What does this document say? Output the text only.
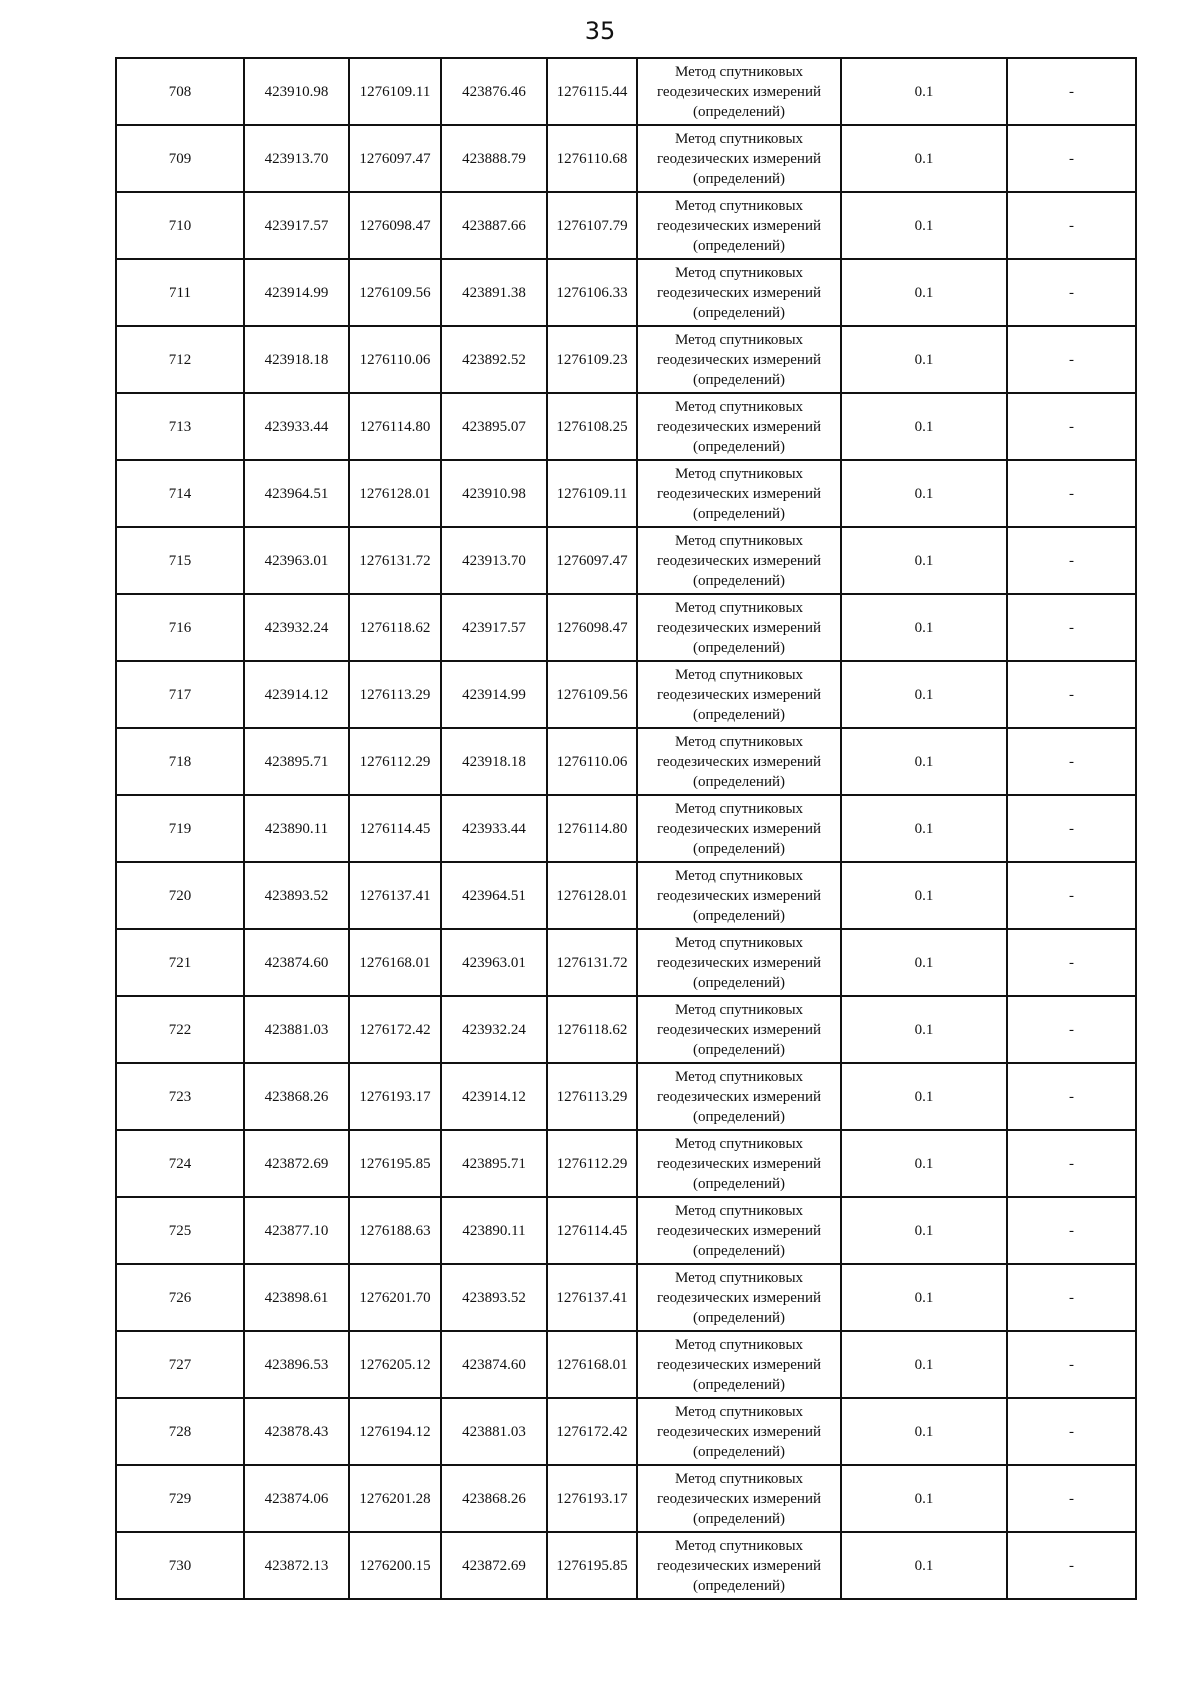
35
708	423910.98	1276109.11	423876.46	1276115.44	Метод спутниковых
геодезических измерений
(определений)	0.1	-
709	423913.70	1276097.47	423888.79	1276110.68	Метод спутниковых
геодезических измерений
(определений)	0.1	-
710	423917.57	1276098.47	423887.66	1276107.79	Метод спутниковых
геодезических измерений
(определений)	0.1	-
711	423914.99	1276109.56	423891.38	1276106.33	Метод спутниковых
геодезических измерений
(определений)	0.1	-
712	423918.18	1276110.06	423892.52	1276109.23	Метод спутниковых
геодезических измерений
(определений)	0.1	-
713	423933.44	1276114.80	423895.07	1276108.25	Метод спутниковых
геодезических измерений
(определений)	0.1	-
714	423964.51	1276128.01	423910.98	1276109.11	Метод спутниковых
геодезических измерений
(определений)	0.1	-
715	423963.01	1276131.72	423913.70	1276097.47	Метод спутниковых
геодезических измерений
(определений)	0.1	-
716	423932.24	1276118.62	423917.57	1276098.47	Метод спутниковых
геодезических измерений
(определений)	0.1	-
717	423914.12	1276113.29	423914.99	1276109.56	Метод спутниковых
геодезических измерений
(определений)	0.1	-
718	423895.71	1276112.29	423918.18	1276110.06	Метод спутниковых
геодезических измерений
(определений)	0.1	-
719	423890.11	1276114.45	423933.44	1276114.80	Метод спутниковых
геодезических измерений
(определений)	0.1	-
720	423893.52	1276137.41	423964.51	1276128.01	Метод спутниковых
геодезических измерений
(определений)	0.1	-
721	423874.60	1276168.01	423963.01	1276131.72	Метод спутниковых
геодезических измерений
(определений)	0.1	-
722	423881.03	1276172.42	423932.24	1276118.62	Метод спутниковых
геодезических измерений
(определений)	0.1	-
723	423868.26	1276193.17	423914.12	1276113.29	Метод спутниковых
геодезических измерений
(определений)	0.1	-
724	423872.69	1276195.85	423895.71	1276112.29	Метод спутниковых
геодезических измерений
(определений)	0.1	-
725	423877.10	1276188.63	423890.11	1276114.45	Метод спутниковых
геодезических измерений
(определений)	0.1	-
726	423898.61	1276201.70	423893.52	1276137.41	Метод спутниковых
геодезических измерений
(определений)	0.1	-
727	423896.53	1276205.12	423874.60	1276168.01	Метод спутниковых
геодезических измерений
(определений)	0.1	-
728	423878.43	1276194.12	423881.03	1276172.42	Метод спутниковых
геодезических измерений
(определений)	0.1	-
729	423874.06	1276201.28	423868.26	1276193.17	Метод спутниковых
геодезических измерений
(определений)	0.1	-
730	423872.13	1276200.15	423872.69	1276195.85	Метод спутниковых
геодезических измерений
(определений)	0.1	-
